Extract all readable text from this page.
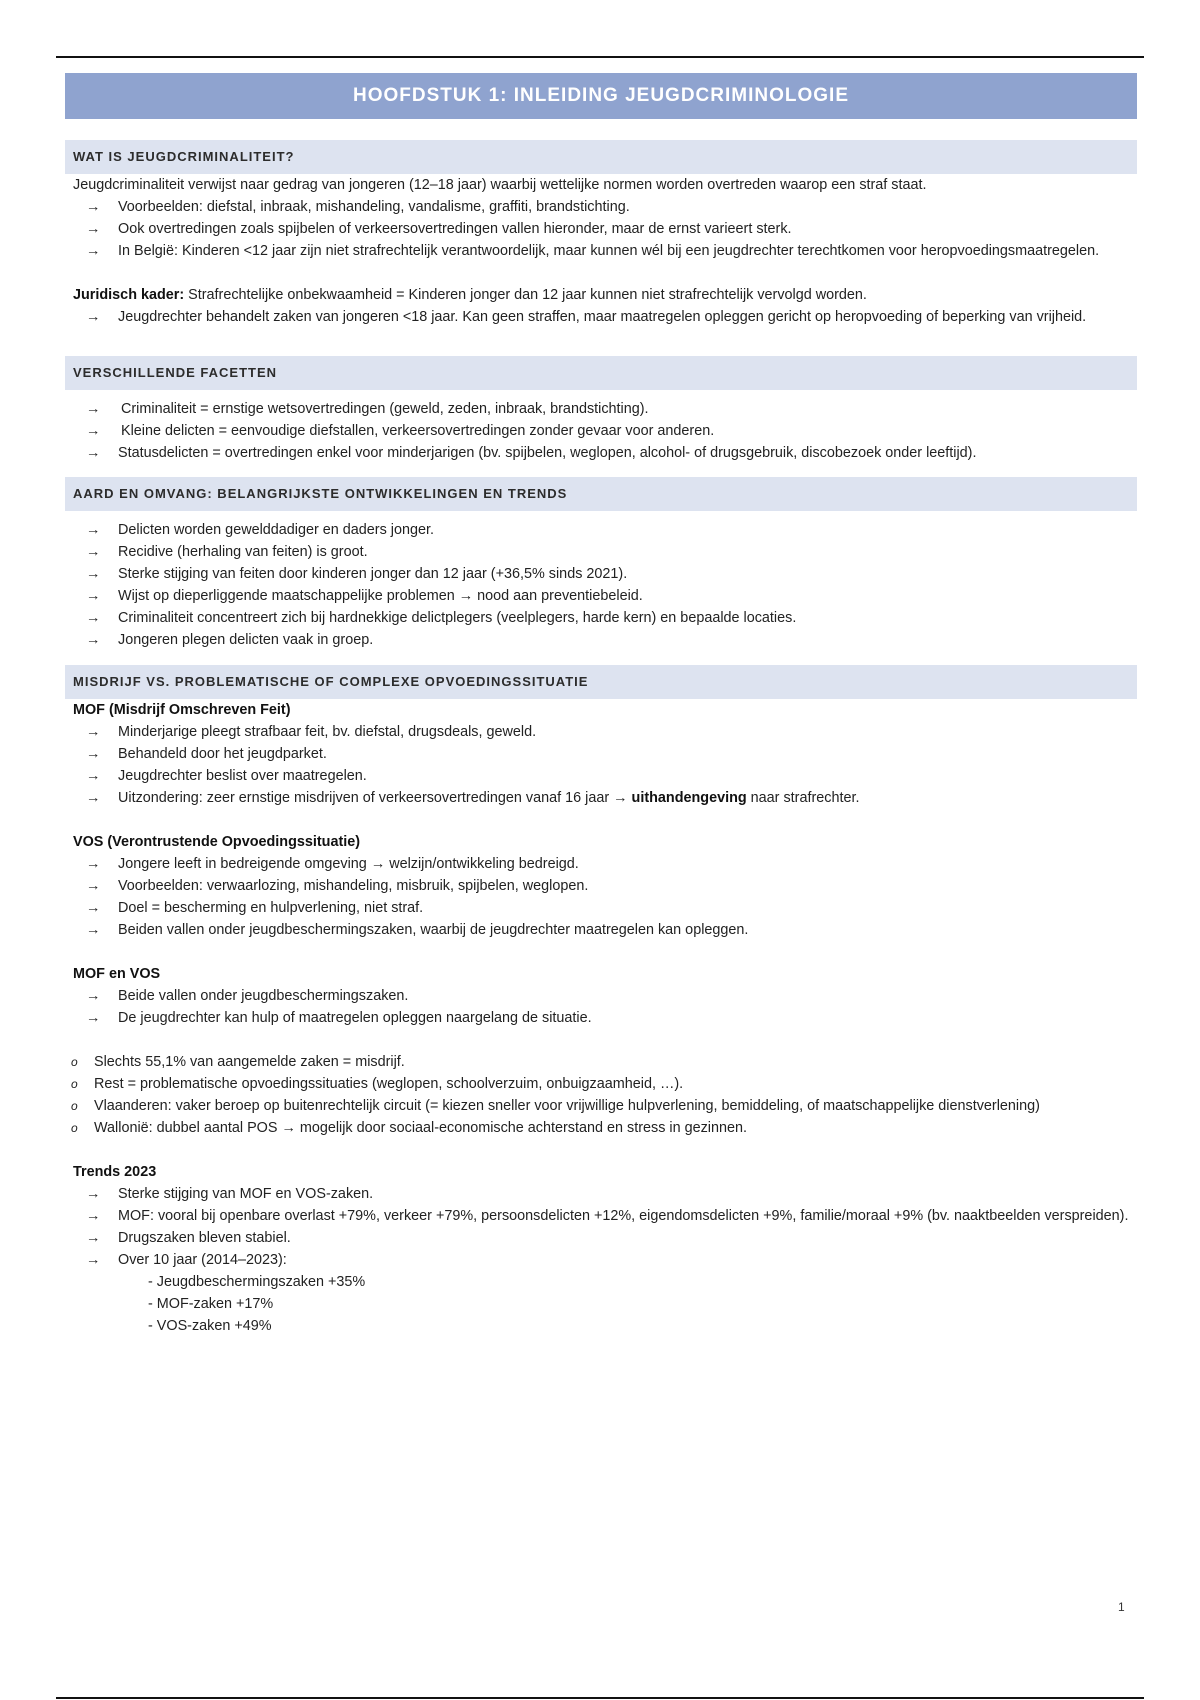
HOOFDSTUK 1: INLEIDING JEUGDCRIMINOLOGIE
WAT IS JEUGDCRIMINALITEIT?

Jeugdcriminaliteit verwijst naar gedrag van jongeren (12–18 jaar) waarbij wettelijke normen worden overtreden waarop een straf staat.

→ Voorbeelden: diefstal, inbraak, mishandeling, vandalisme, graffiti, brandstichting.
→ Ook overtredingen zoals spijbelen of verkeersovertredingen vallen hieronder, maar de ernst varieert sterk.
→ In België: Kinderen <12 jaar zijn niet strafrechtelijk verantwoordelijk, maar kunnen wél bij een jeugdrechter terechtkomen voor heropvoedingsmaatregelen.

Juridisch kader: Strafrechtelijke onbekwaamheid = Kinderen jonger dan 12 jaar kunnen niet strafrechtelijk vervolgd worden.

→ Jeugdrechter behandelt zaken van jongeren <18 jaar. Kan geen straffen, maar maatregelen opleggen gericht op heropvoeding of beperking van vrijheid.
VERSCHILLENDE FACETTEN
→ Criminaliteit = ernstige wetsovertredingen (geweld, zeden, inbraak, brandstichting).
→ Kleine delicten = eenvoudige diefstallen, verkeersovertredingen zonder gevaar voor anderen.
→ Statusdelicten = overtredingen enkel voor minderjarigen (bv. spijbelen, weglopen, alcohol- of drugsgebruik, discobezoek onder leeftijd).
AARD EN OMVANG: BELANGRIJKSTE ONTWIKKELINGEN EN TRENDS
→ Delicten worden gewelddadiger en daders jonger.
→ Recidive (herhaling van feiten) is groot.
→ Sterke stijging van feiten door kinderen jonger dan 12 jaar (+36,5% sinds 2021).
→ Wijst op dieperliggende maatschappelijke problemen → nood aan preventiebeleid.
→ Criminaliteit concentreert zich bij hardnekkige delictplegers (veelplegers, harde kern) en bepaalde locaties.
→ Jongeren plegen delicten vaak in groep.
MISDRIJF VS. PROBLEMATISCHE OF COMPLEXE OPVOEDINGSSITUATIE
MOF (Misdrijf Omschreven Feit)
→ Minderjarige pleegt strafbaar feit, bv. diefstal, drugsdeals, geweld.
→ Behandeld door het jeugdparket.
→ Jeugdrechter beslist over maatregelen.
→ Uitzondering: zeer ernstige misdrijven of verkeersovertredingen vanaf 16 jaar → uithandengeving naar strafrechter.
VOS (Verontrustende Opvoedingssituatie)
→ Jongere leeft in bedreigende omgeving → welzijn/ontwikkeling bedreigd.
→ Voorbeelden: verwaarlozing, mishandeling, misbruik, spijbelen, weglopen.
→ Doel = bescherming en hulpverlening, niet straf.
→ Beiden vallen onder jeugdbeschermingszaken, waarbij de jeugdrechter maatregelen kan opleggen.
MOF en VOS
→ Beide vallen onder jeugdbeschermingszaken.
→ De jeugdrechter kan hulp of maatregelen opleggen naargelang de situatie.
o Slechts 55,1% van aangemelde zaken = misdrijf.
o Rest = problematische opvoedingssituaties (weglopen, schoolverzuim, onbuigzaamheid, …).
o Vlaanderen: vaker beroep op buitenrechtelijk circuit (= kiezen sneller voor vrijwillige hulpverlening, bemiddeling, of maatschappelijke dienstverlening)
o Wallonië: dubbel aantal POS → mogelijk door sociaal-economische achterstand en stress in gezinnen.
Trends 2023
→ Sterke stijging van MOF en VOS-zaken.
→ MOF: vooral bij openbare overlast +79%, verkeer +79%, persoonsdelicten +12%, eigendomsdelicten +9%, familie/moraal +9% (bv. naaktbeelden verspreiden).
→ Drugszaken bleven stabiel.
→ Over 10 jaar (2014–2023):
- Jeugdbeschermingszaken +35%
- MOF-zaken +17%
- VOS-zaken +49%
1
